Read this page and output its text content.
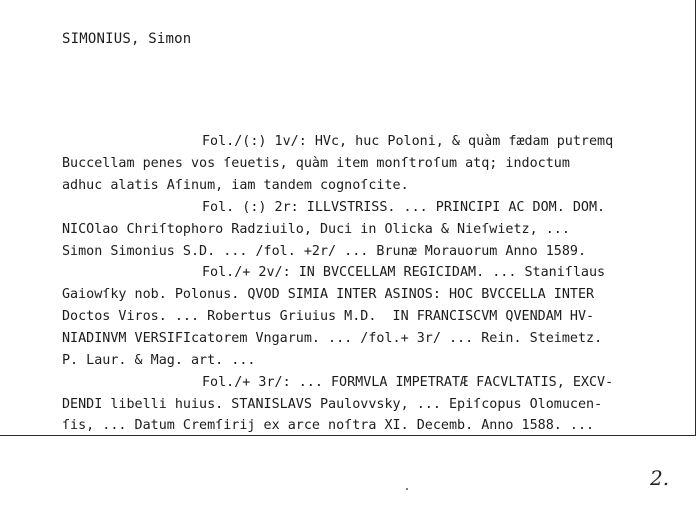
SIMONIUS, Simon
Fol./(:) 1v/: HVc, huc Poloni, & quàm fædam putremq
Buccellam penes vos ſeuetis, quàm item monſtroſum atq; indoctum
adhuc alatis Aſinum, iam tandem cognoſcite.
Fol. (:) 2r: ILLVSTRISS. ... PRINCIPI AC DOM. DOM.
NICOlao Chriſtophoro Radziuilo, Duci in Olicka & Nieſwietz, ...
Simon Simonius S.D. ... /fol. +2r/ ... Brunæ Morauorum Anno 1589.
Fol./+ 2v/: IN BVCCELLAM REGICIDAM. ... Staniſlaus
Gaiowſky nob. Polonus. QVOD SIMIA INTER ASINOS: HOC BVCCELLA INTER
Doctos Viros. ... Robertus Griuius M.D.  IN FRANCISCVM QVENDAM HV-
NIADINVM VERSIFIcatorem Vngarum. ... /fol.+ 3r/ ... Rein. Steimetz.
P. Laur. & Mag. art. ...
Fol./+ 3r/: ... FORMVLA IMPETRATÆ FACVLTATIS, EXCV-
DENDI libelli huius. STANISLAVS Paulovvsky, ... Epiſcopus Olomucen-
ſis, ... Datum Cremſirij ex arce noſtra XI. Decemb. Anno 1588. ...
2.
